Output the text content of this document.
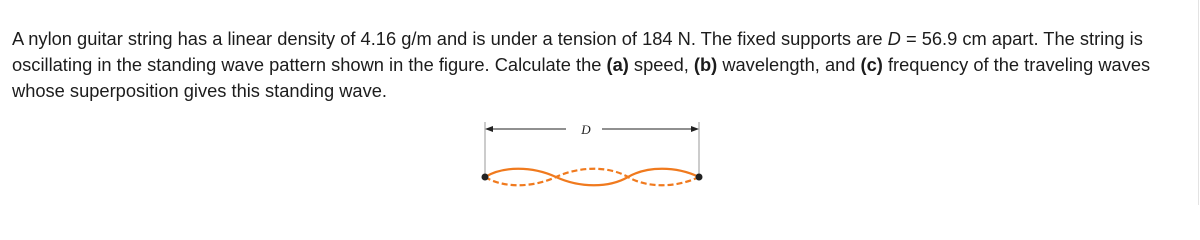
A nylon guitar string has a linear density of 4.16 g/m and is under a tension of 184 N. The fixed supports are D = 56.9 cm apart. The string is oscillating in the standing wave pattern shown in the figure. Calculate the (a) speed, (b) wavelength, and (c) frequency of the traveling waves whose superposition gives this standing wave.

D
